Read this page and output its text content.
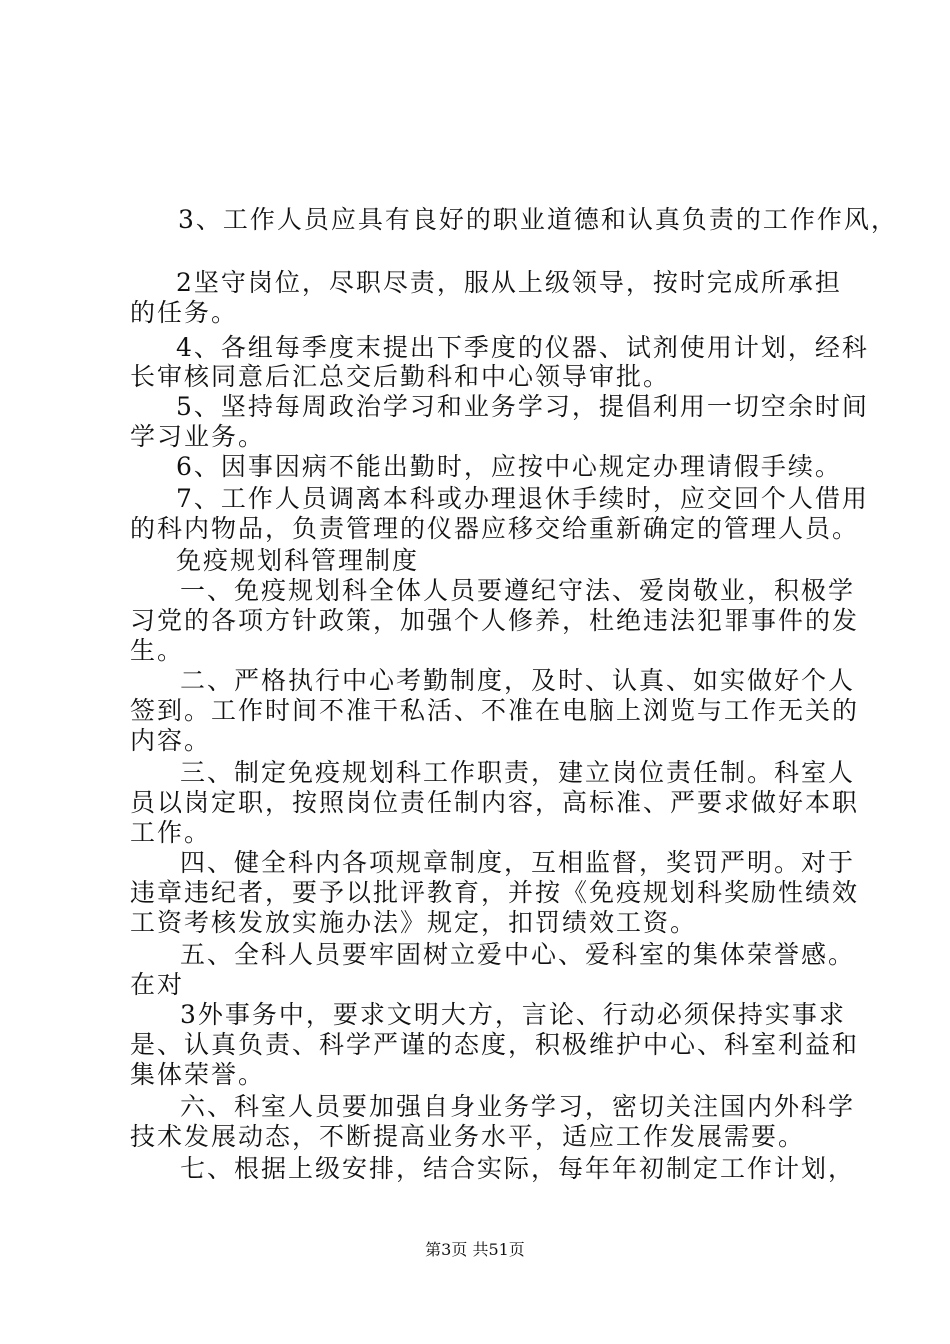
3、工作人员应具有良好的职业道德和认真负责的工作作风，
2坚守岗位，尽职尽责，服从上级领导，按时完成所承担
的任务。
4、各组每季度末提出下季度的仪器、试剂使用计划，经科
长审核同意后汇总交后勤科和中心领导审批。
5、坚持每周政治学习和业务学习，提倡利用一切空余时间
学习业务。
6、因事因病不能出勤时，应按中心规定办理请假手续。
7、工作人员调离本科或办理退休手续时，应交回个人借用
的科内物品，负责管理的仪器应移交给重新确定的管理人员。
免疫规划科管理制度
一、免疫规划科全体人员要遵纪守法、爱岗敬业，积极学
习党的各项方针政策，加强个人修养，杜绝违法犯罪事件的发
生。
二、严格执行中心考勤制度，及时、认真、如实做好个人
签到。工作时间不准干私活、不准在电脑上浏览与工作无关的
内容。
三、制定免疫规划科工作职责，建立岗位责任制。科室人
员以岗定职，按照岗位责任制内容，高标准、严要求做好本职
工作。
四、健全科内各项规章制度，互相监督，奖罚严明。对于
违章违纪者，要予以批评教育，并按《免疫规划科奖励性绩效
工资考核发放实施办法》规定，扣罚绩效工资。
五、全科人员要牢固树立爱中心、爱科室的集体荣誉感。
在对
3外事务中，要求文明大方，言论、行动必须保持实事求
是、认真负责、科学严谨的态度，积极维护中心、科室利益和
集体荣誉。
六、科室人员要加强自身业务学习，密切关注国内外科学
技术发展动态，不断提高业务水平，适应工作发展需要。
七、根据上级安排，结合实际，每年年初制定工作计划，
第3页 共51页
